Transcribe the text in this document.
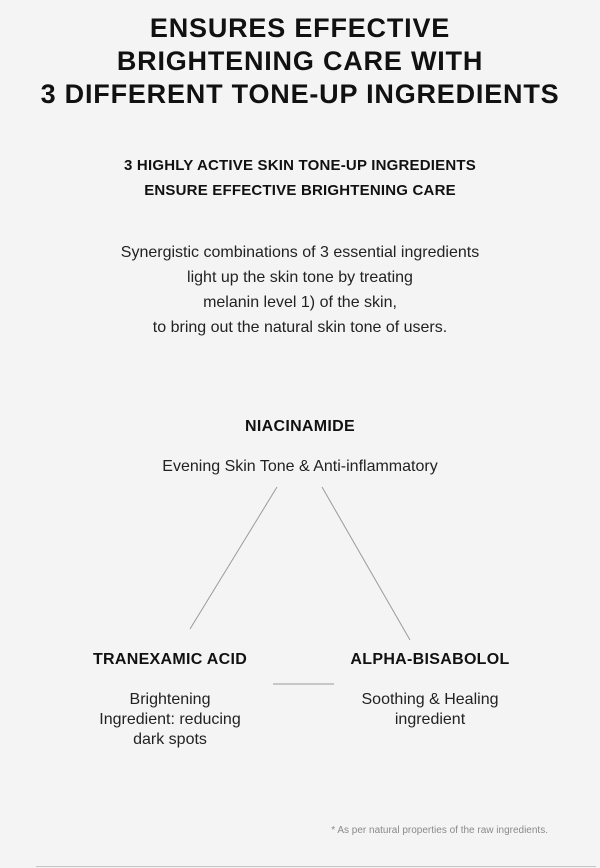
ENSURES EFFECTIVE
BRIGHTENING CARE WITH
3 DIFFERENT TONE-UP INGREDIENTS
3 HIGHLY ACTIVE SKIN TONE-UP INGREDIENTS
ENSURE EFFECTIVE BRIGHTENING CARE

Synergistic combinations of 3 essential ingredients
light up the skin tone by treating
melanin level 1) of the skin,
to bring out the natural skin tone of users.

NIACINAMIDE
Evening Skin Tone & Anti-inflammatory
TRANEXAMIC ACID
Brightening
Ingredient: reducing
dark spots
ALPHA-BISABOLOL
Soothing & Healing
ingredient

* As per natural properties of the raw ingredients.
